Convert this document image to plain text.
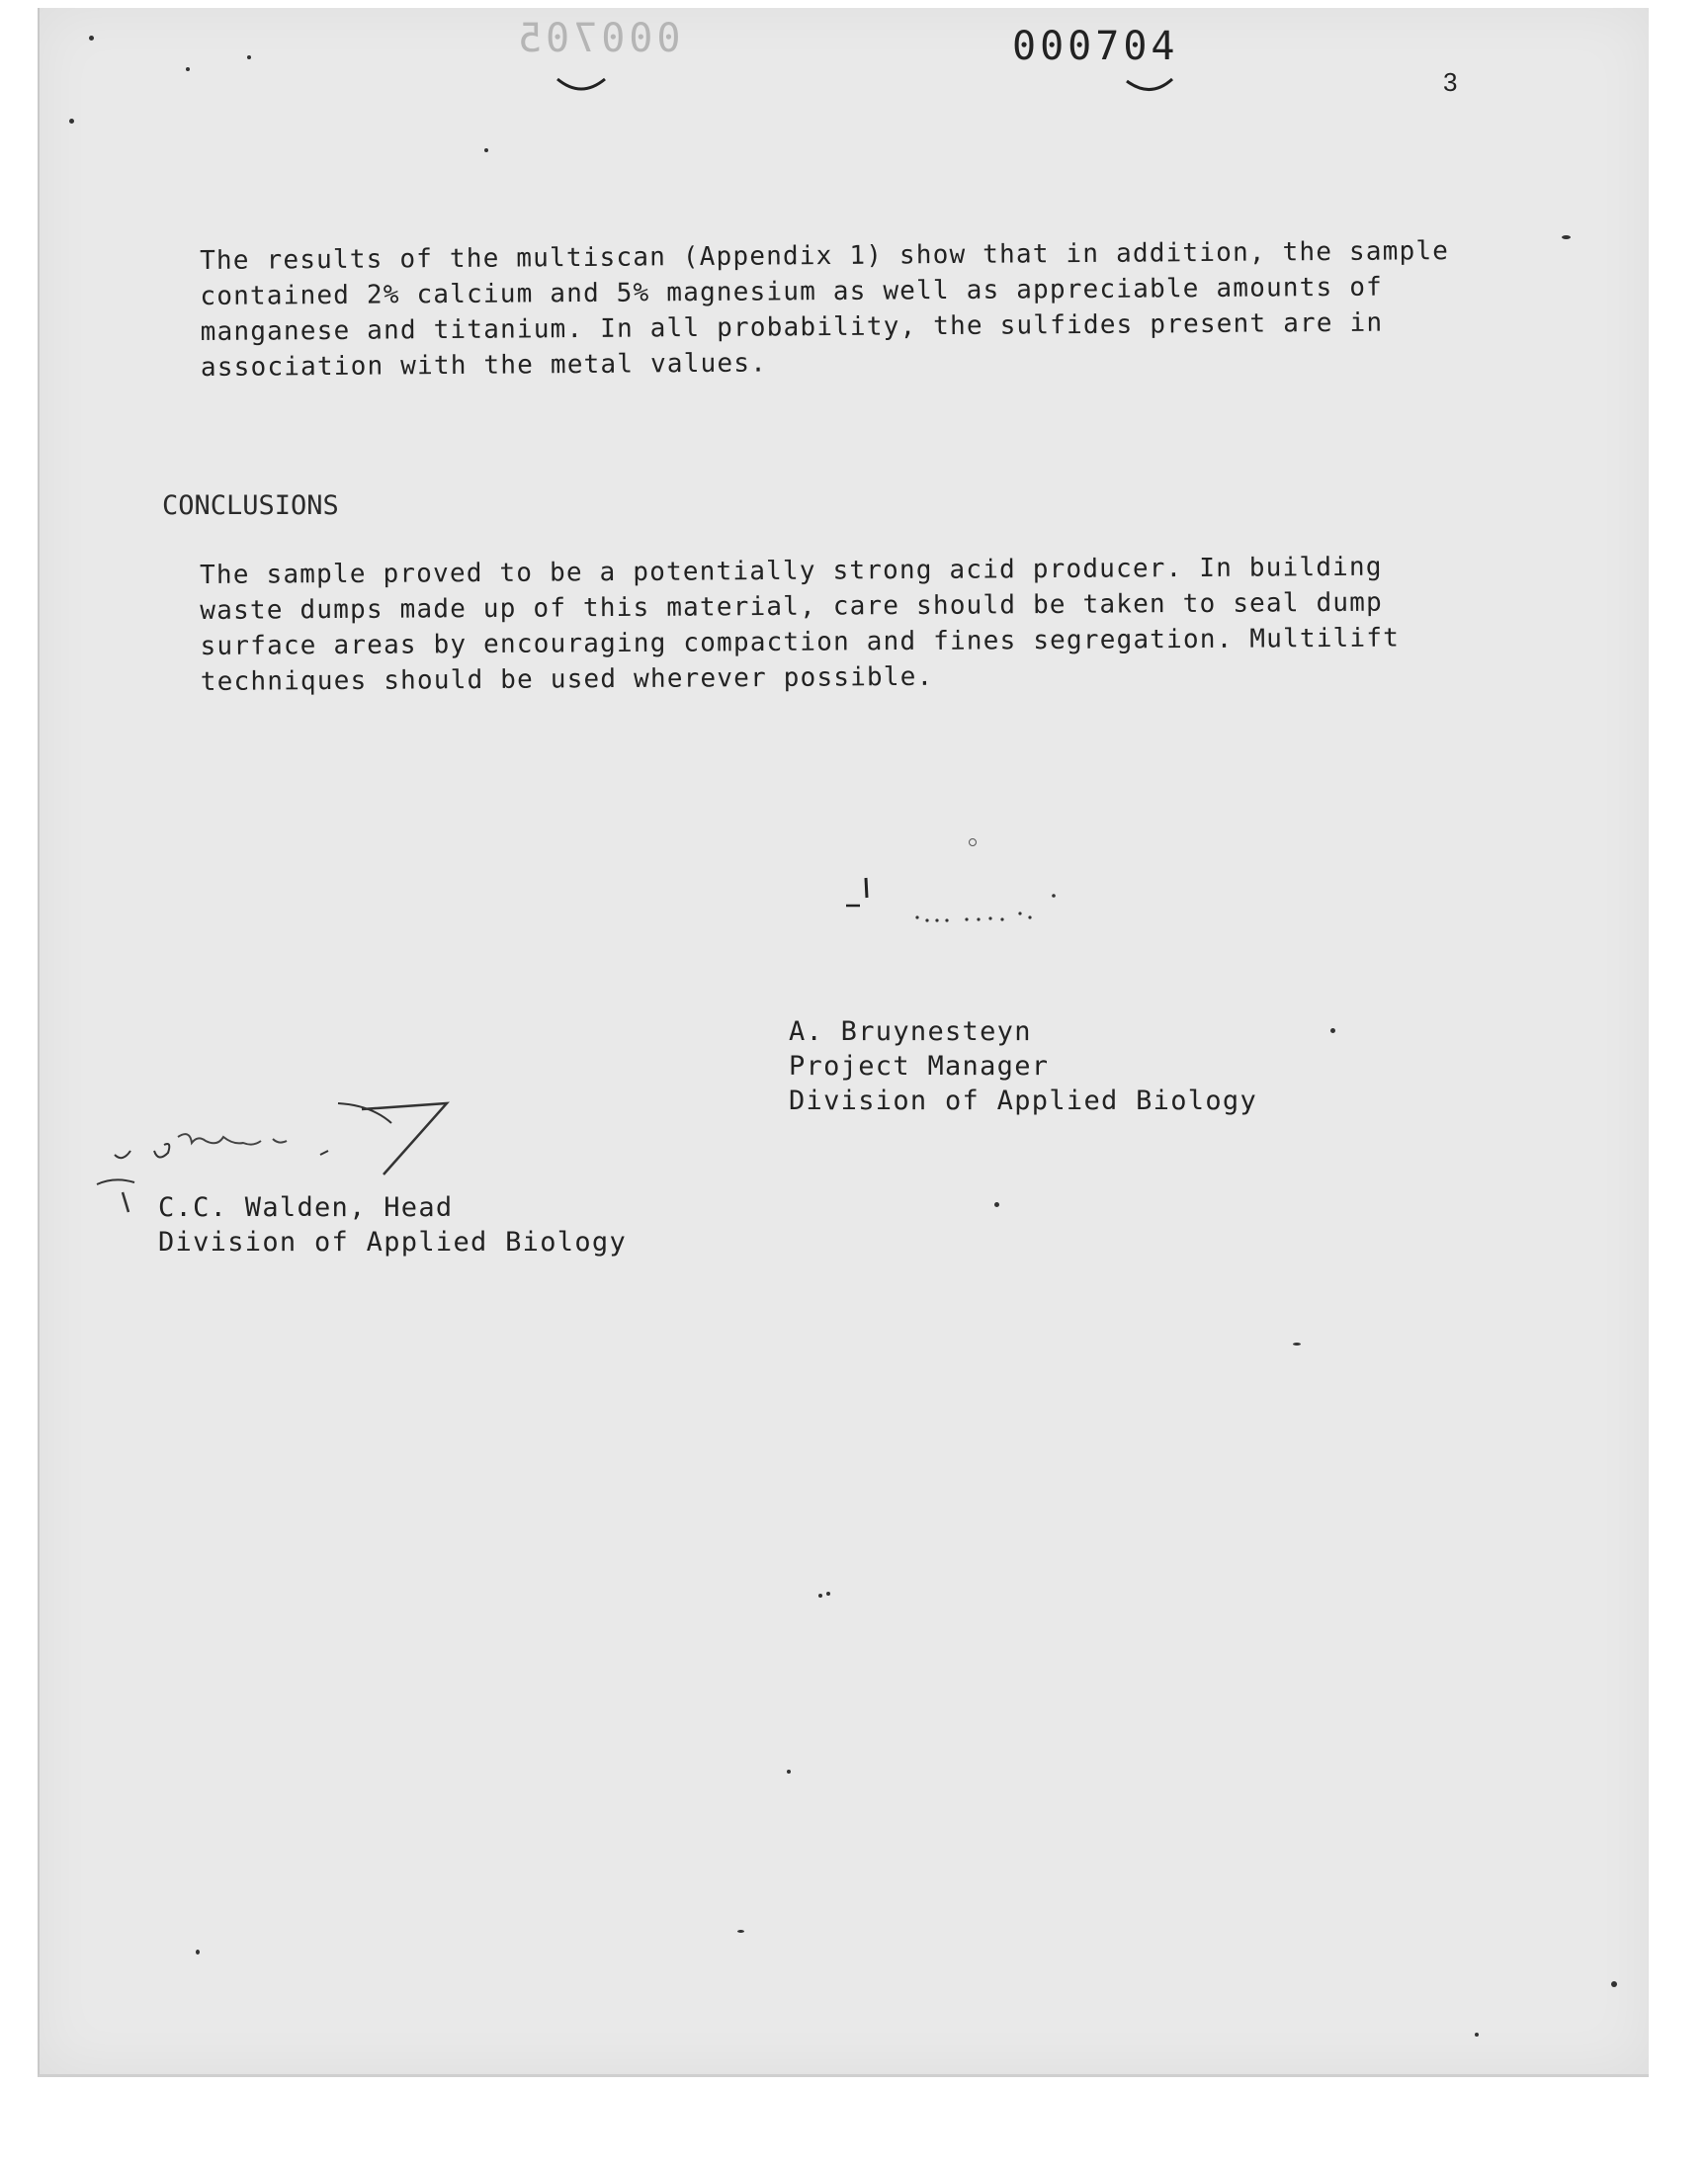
000705	000704
3
The results of the multiscan (Appendix 1) show that in addition, the sample
contained 2% calcium and 5% magnesium as well as appreciable amounts of
manganese and titanium. In all probability, the sulfides present are in
association with the metal values.
CONCLUSIONS
The sample proved to be a potentially strong acid producer. In building
waste dumps made up of this material, care should be taken to seal dump
surface areas by encouraging compaction and fines segregation. Multilift
techniques should be used wherever possible.
A. Bruynesteyn
Project Manager
Division of Applied Biology
C.C. Walden, Head
Division of Applied Biology
